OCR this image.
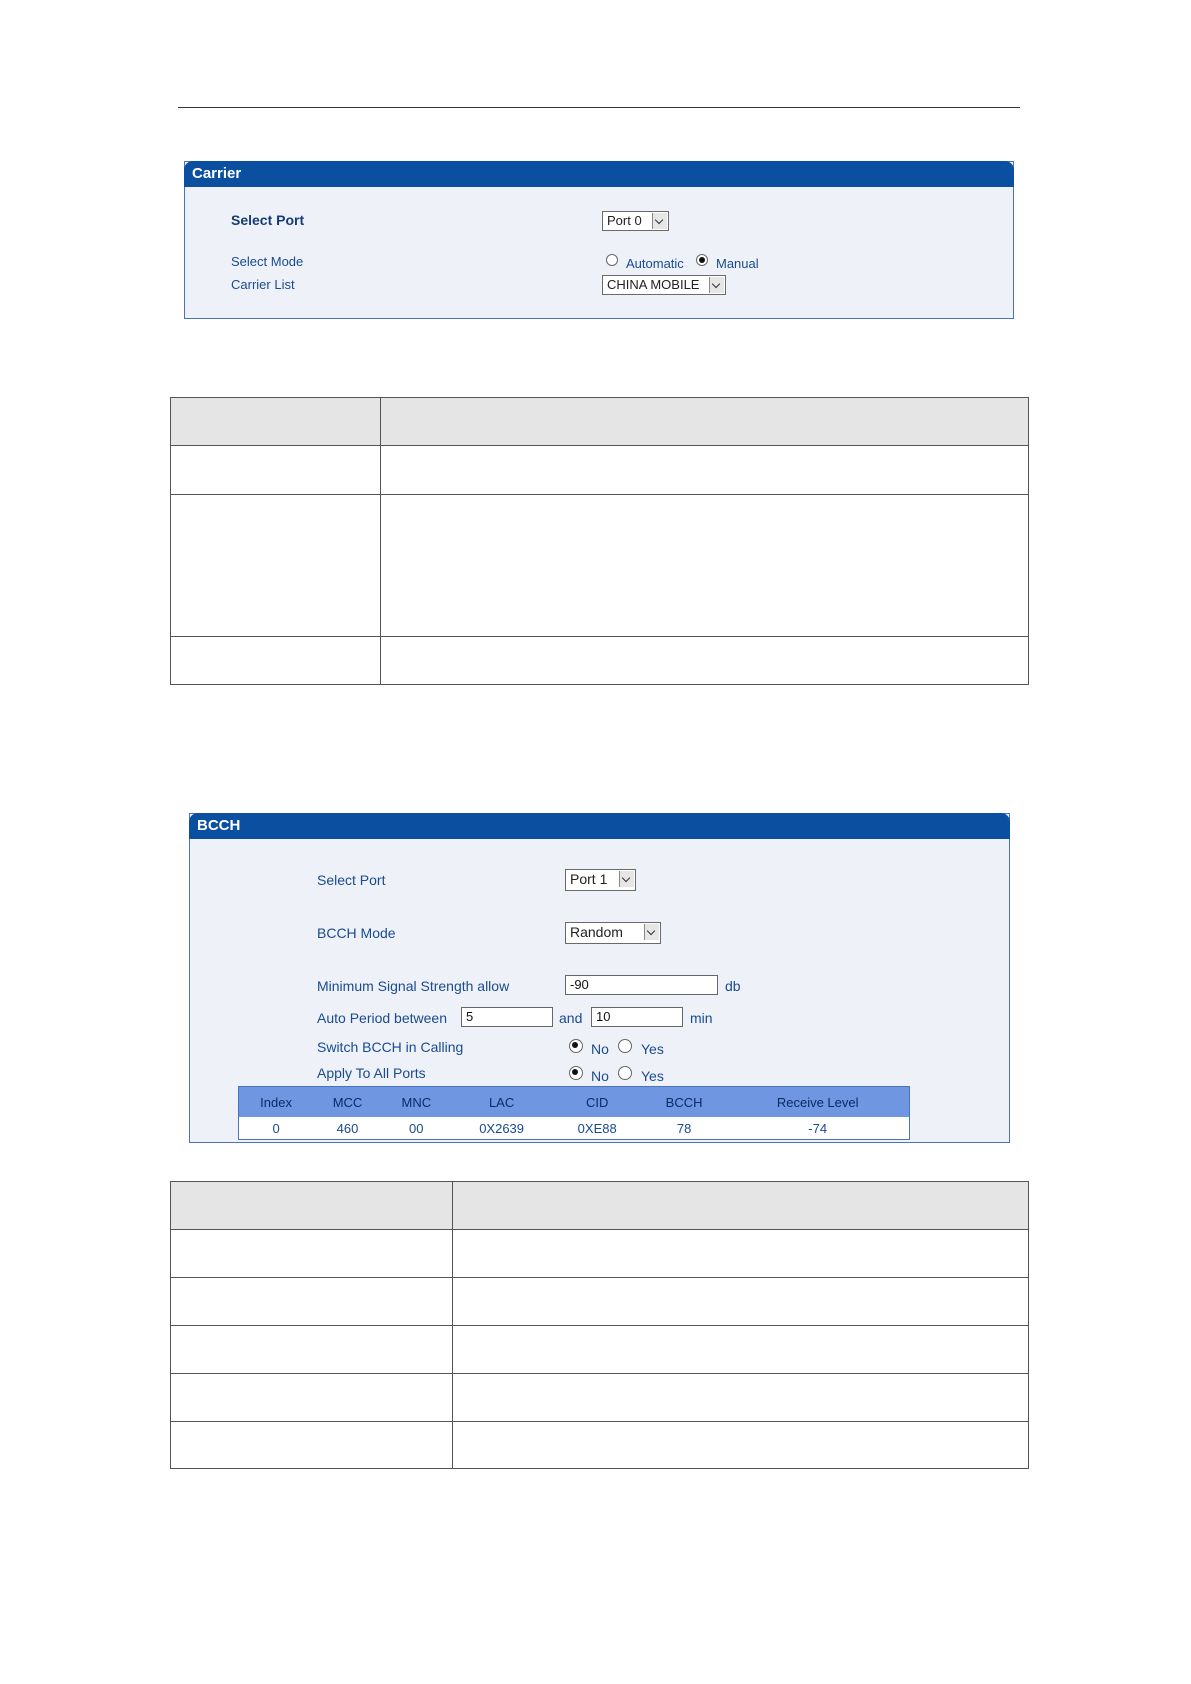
Carrier
Select Port	Port 0
Select Mode	Automatic Manual
Carrier List	CHINA MOBILE

BCCH
Select Port	Port 1
BCCH Mode	Random
Minimum Signal Strength allow	-90	db
Auto Period between	5	and	10	min
Switch BCCH in Calling	No Yes
Apply To All Ports	No Yes
Index	MCC	MNC	LAC	CID	BCCH	Receive Level
0	460	00	0X2639	0XE88	78	-74
